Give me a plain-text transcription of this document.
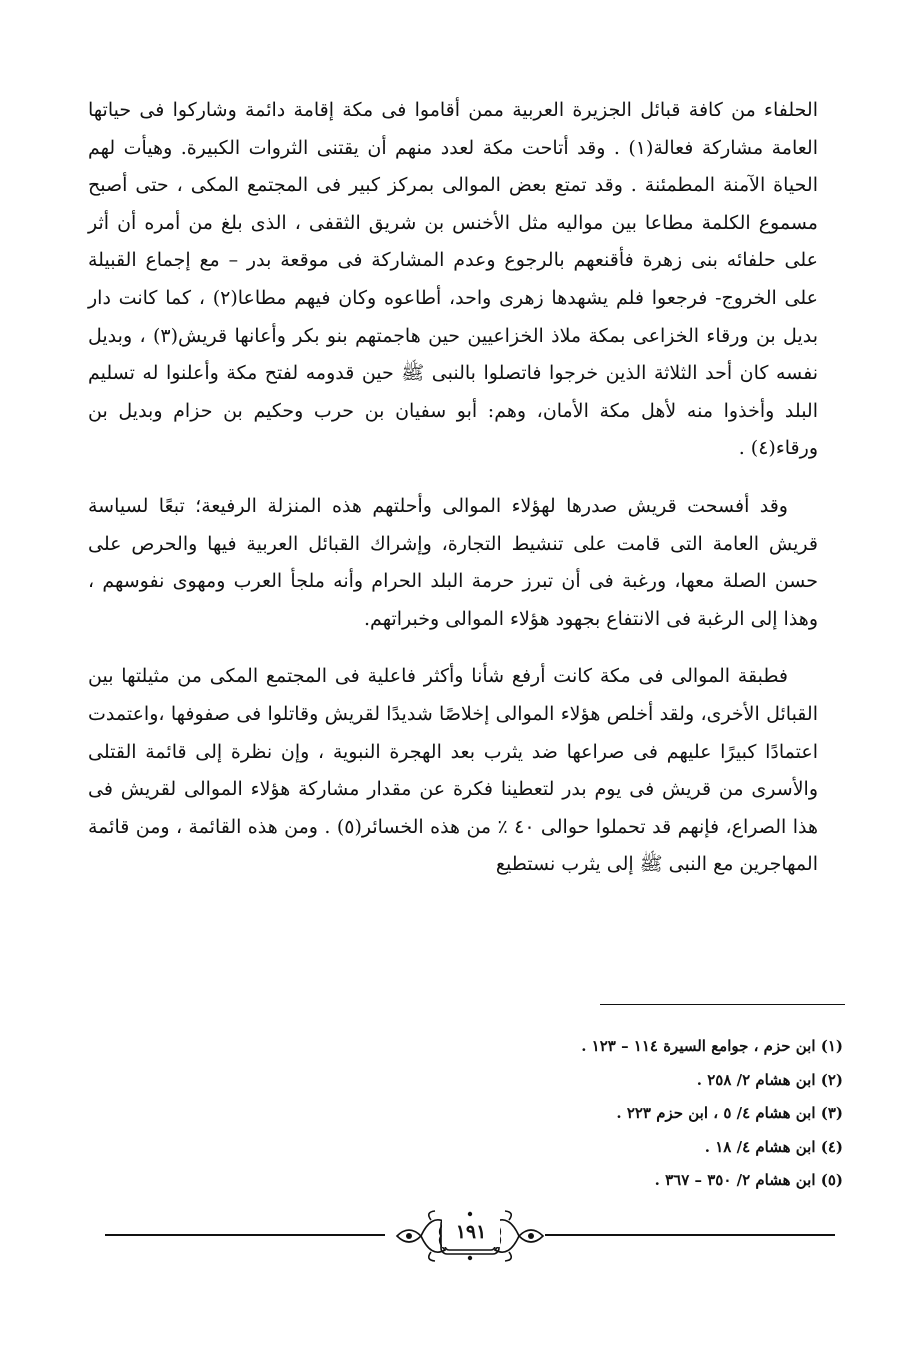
الحلفاء من كافة قبائل الجزيرة العربية ممن أقاموا فى مكة إقامة دائمة وشاركوا فى حياتها العامة مشاركة فعالة(١) . وقد أتاحت مكة لعدد منهم أن يقتنى الثروات الكبيرة. وهيأت لهم الحياة الآمنة المطمئنة . وقد تمتع بعض الموالى بمركز كبير فى المجتمع المكى ، حتى أصبح مسموع الكلمة مطاعا بين مواليه مثل الأخنس بن شريق الثقفى ، الذى بلغ من أمره أن أثر على حلفائه بنى زهرة فأقنعهم بالرجوع وعدم المشاركة فى موقعة بدر – مع إجماع القبيلة على الخروج- فرجعوا فلم يشهدها زهرى واحد، أطاعوه وكان فيهم مطاعا(٢) ، كما كانت دار بديل بن ورقاء الخزاعى بمكة ملاذ الخزاعيين حين هاجمتهم بنو بكر وأعانها قريش(٣) ، وبديل نفسه كان أحد الثلاثة الذين خرجوا فاتصلوا بالنبى ﷺ حين قدومه لفتح مكة وأعلنوا له تسليم البلد وأخذوا منه لأهل مكة الأمان، وهم: أبو سفيان بن حرب وحكيم بن حزام وبديل بن ورقاء(٤) .

وقد أفسحت قريش صدرها لهؤلاء الموالى وأحلتهم هذه المنزلة الرفيعة؛ تبعًا لسياسة قريش العامة التى قامت على تنشيط التجارة، وإشراك القبائل العربية فيها والحرص على حسن الصلة معها، ورغبة فى أن تبرز حرمة البلد الحرام وأنه ملجأ العرب ومهوى نفوسهم ، وهذا إلى الرغبة فى الانتفاع بجهود هؤلاء الموالى وخبراتهم.

فطبقة الموالى فى مكة كانت أرفع شأنا وأكثر فاعلية فى المجتمع المكى من مثيلتها بين القبائل الأخرى، ولقد أخلص هؤلاء الموالى إخلاصًا شديدًا لقريش وقاتلوا فى صفوفها ،واعتمدت اعتمادًا كبيرًا عليهم فى صراعها ضد يثرب بعد الهجرة النبوية ، وإن نظرة إلى قائمة القتلى والأسرى من قريش فى يوم بدر لتعطينا فكرة عن مقدار مشاركة هؤلاء الموالى لقريش فى هذا الصراع، فإنهم قد تحملوا حوالى ٤٠ ٪ من هذه الخسائر(٥) . ومن هذه القائمة ، ومن قائمة المهاجرين مع النبى ﷺ إلى يثرب نستطيع

(١) ابن حزم ، جوامع السيرة ١١٤ – ١٢٣ .

(٢) ابن هشام ٢/ ٢٥٨ .

(٣) ابن هشام ٤/ ٥ ، ابن حزم ٢٢٣ .

(٤) ابن هشام ٤/ ١٨ .

(٥) ابن هشام ٢/ ٣٥٠ – ٣٦٧ .

١٩١
